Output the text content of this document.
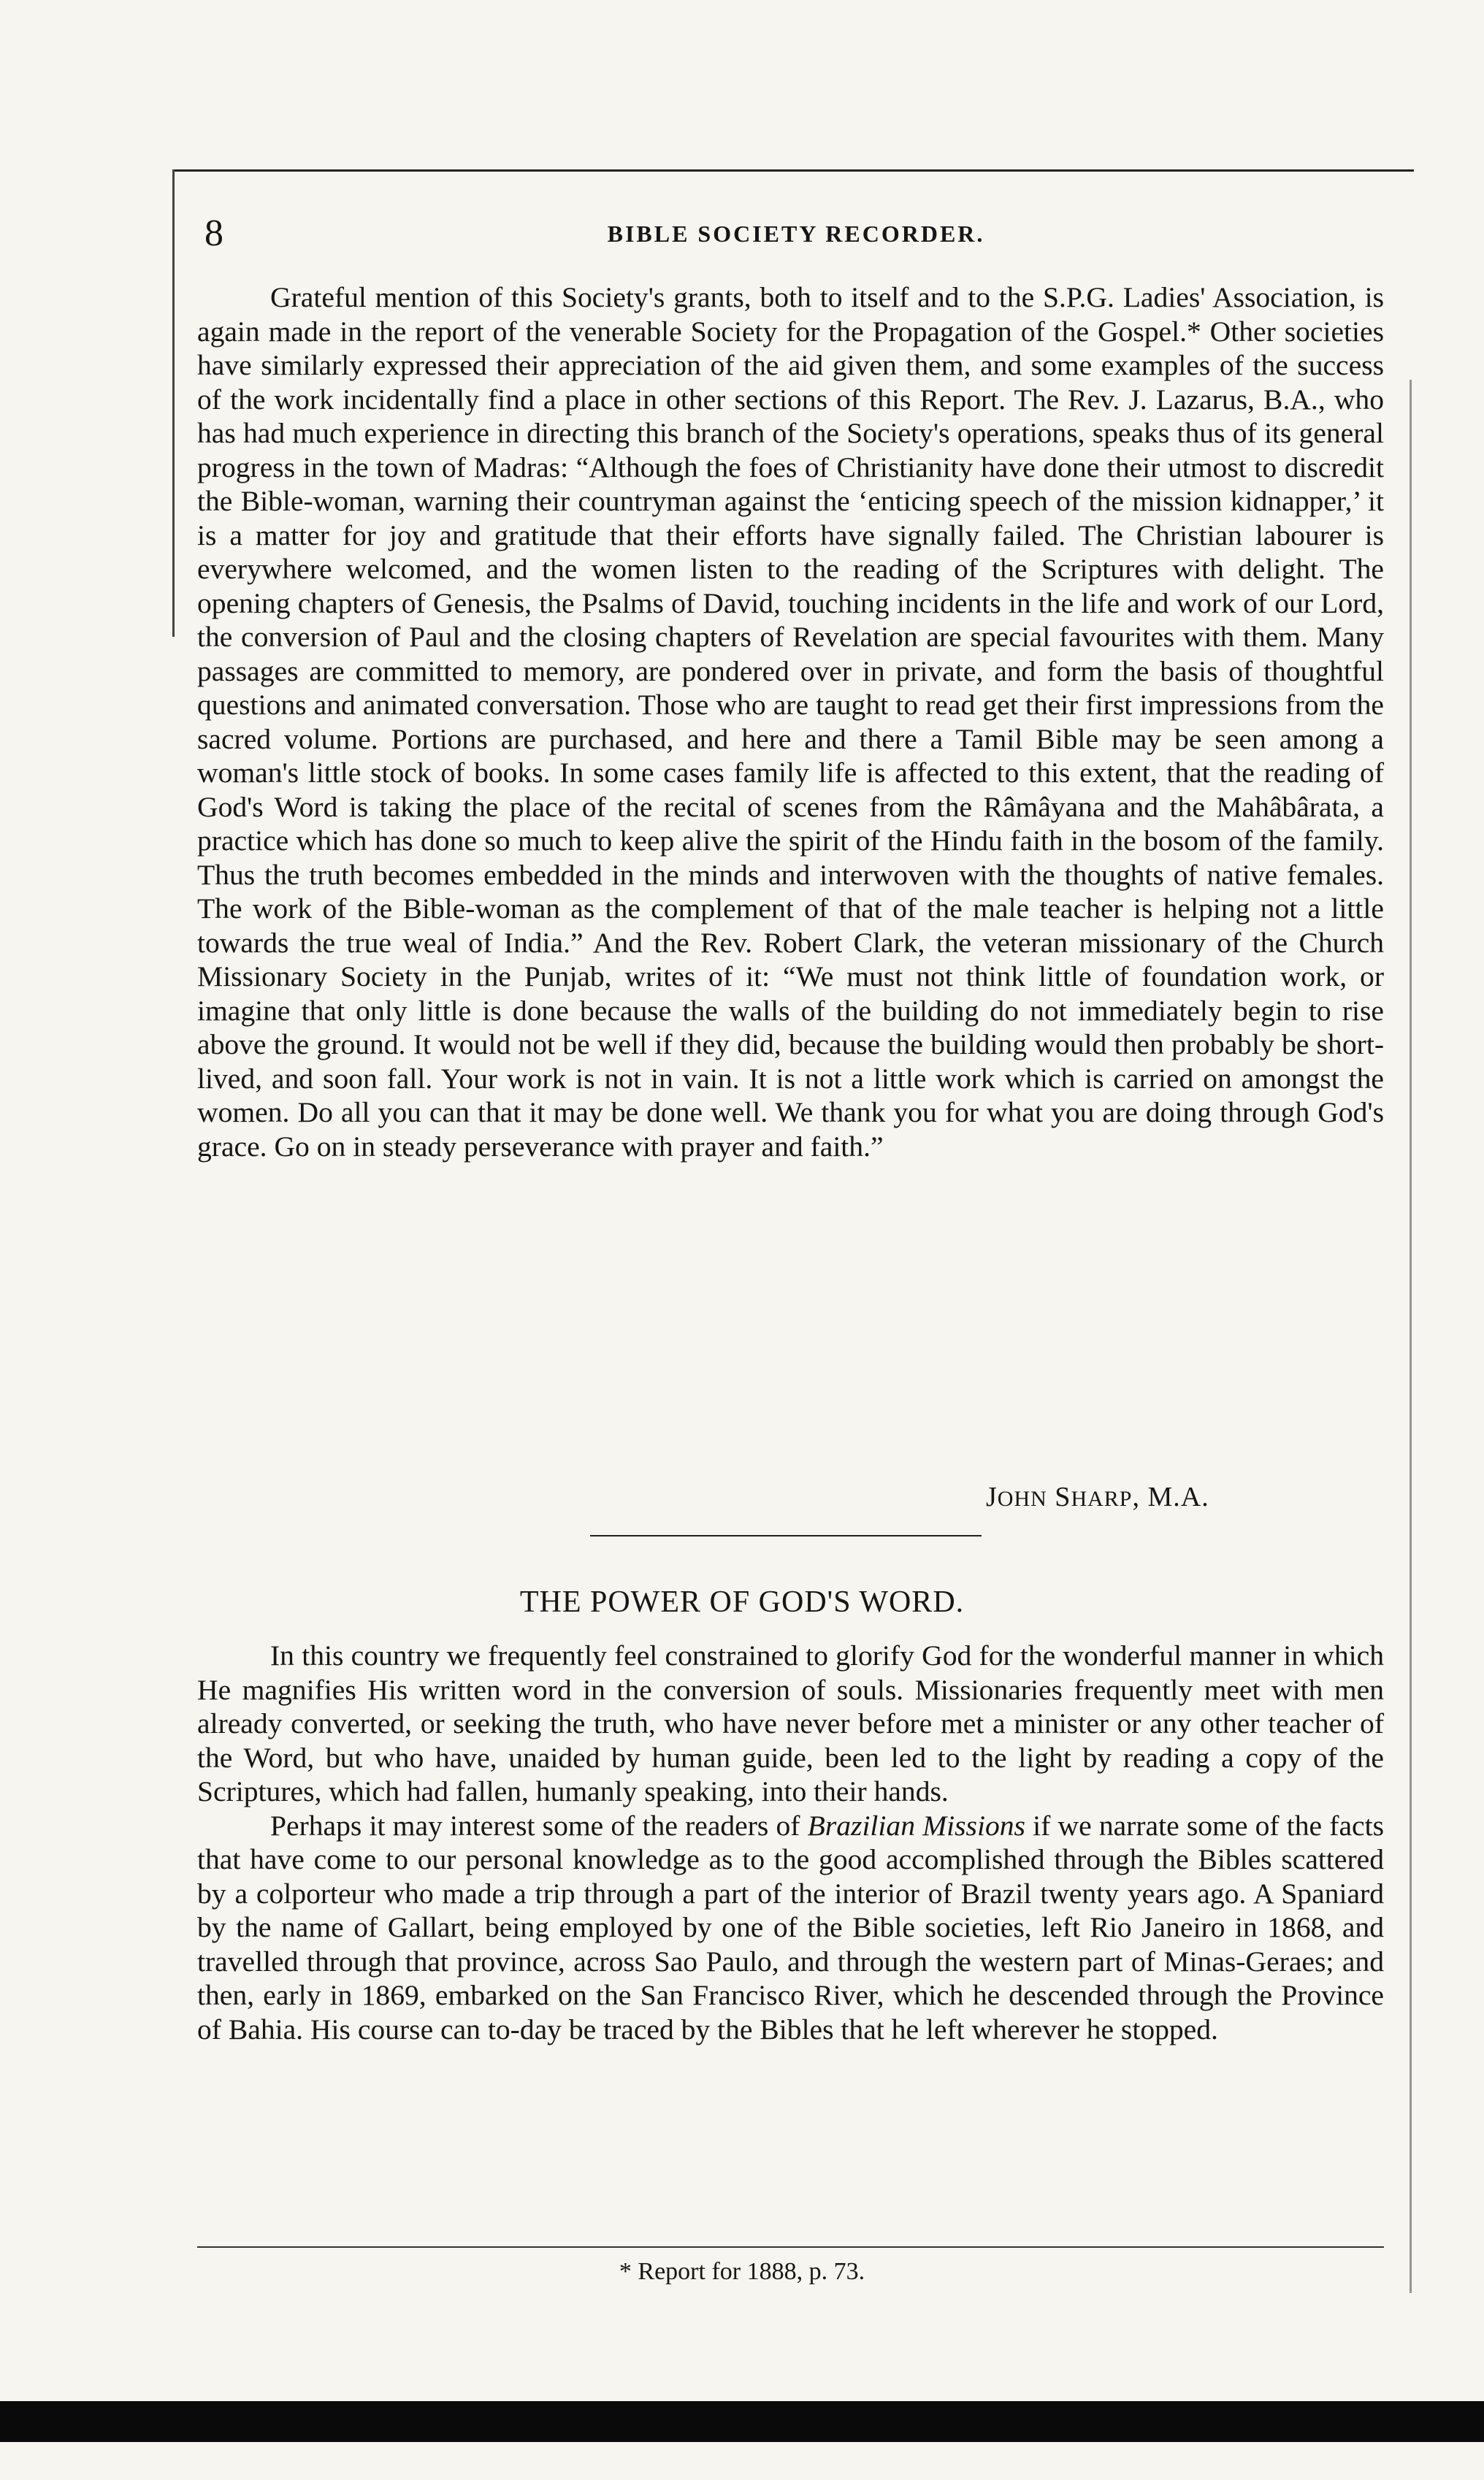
8	BIBLE SOCIETY RECORDER.

Grateful mention of this Society's grants, both to itself and to the S.P.G. Ladies' Association, is again made in the report of the venerable Society for the Propagation of the Gospel.* Other societies have similarly expressed their appreciation of the aid given them, and some examples of the success of the work incidentally find a place in other sections of this Report. The Rev. J. Lazarus, B.A., who has had much experience in directing this branch of the Society's operations, speaks thus of its general progress in the town of Madras: “Although the foes of Christianity have done their utmost to discredit the Bible-woman, warning their countryman against the ‘enticing speech of the mission kidnapper,’ it is a matter for joy and gratitude that their efforts have signally failed. The Christian labourer is everywhere welcomed, and the women listen to the reading of the Scriptures with delight. The opening chapters of Genesis, the Psalms of David, touching incidents in the life and work of our Lord, the conversion of Paul and the closing chapters of Revelation are special favourites with them. Many passages are committed to memory, are pondered over in private, and form the basis of thoughtful questions and animated conversation. Those who are taught to read get their first impressions from the sacred volume. Portions are purchased, and here and there a Tamil Bible may be seen among a woman's little stock of books. In some cases family life is affected to this extent, that the reading of God's Word is taking the place of the recital of scenes from the Râmâyana and the Mahâbârata, a practice which has done so much to keep alive the spirit of the Hindu faith in the bosom of the family. Thus the truth becomes embedded in the minds and interwoven with the thoughts of native females. The work of the Bible-woman as the complement of that of the male teacher is helping not a little towards the true weal of India.” And the Rev. Robert Clark, the veteran missionary of the Church Missionary Society in the Punjab, writes of it: “We must not think little of foundation work, or imagine that only little is done because the walls of the building do not immediately begin to rise above the ground. It would not be well if they did, because the building would then probably be short-lived, and soon fall. Your work is not in vain. It is not a little work which is carried on amongst the women. Do all you can that it may be done well. We thank you for what you are doing through God's grace. Go on in steady perseverance with prayer and faith.”

JOHN SHARP, M.A.
THE POWER OF GOD'S WORD.

In this country we frequently feel constrained to glorify God for the wonderful manner in which He magnifies His written word in the conversion of souls. Missionaries frequently meet with men already converted, or seeking the truth, who have never before met a minister or any other teacher of the Word, but who have, unaided by human guide, been led to the light by reading a copy of the Scriptures, which had fallen, humanly speaking, into their hands.

Perhaps it may interest some of the readers of Brazilian Missions if we narrate some of the facts that have come to our personal knowledge as to the good accomplished through the Bibles scattered by a colporteur who made a trip through a part of the interior of Brazil twenty years ago. A Spaniard by the name of Gallart, being employed by one of the Bible societies, left Rio Janeiro in 1868, and travelled through that province, across Sao Paulo, and through the western part of Minas-Geraes; and then, early in 1869, embarked on the San Francisco River, which he descended through the Province of Bahia. His course can to-day be traced by the Bibles that he left wherever he stopped.

* Report for 1888, p. 73.
